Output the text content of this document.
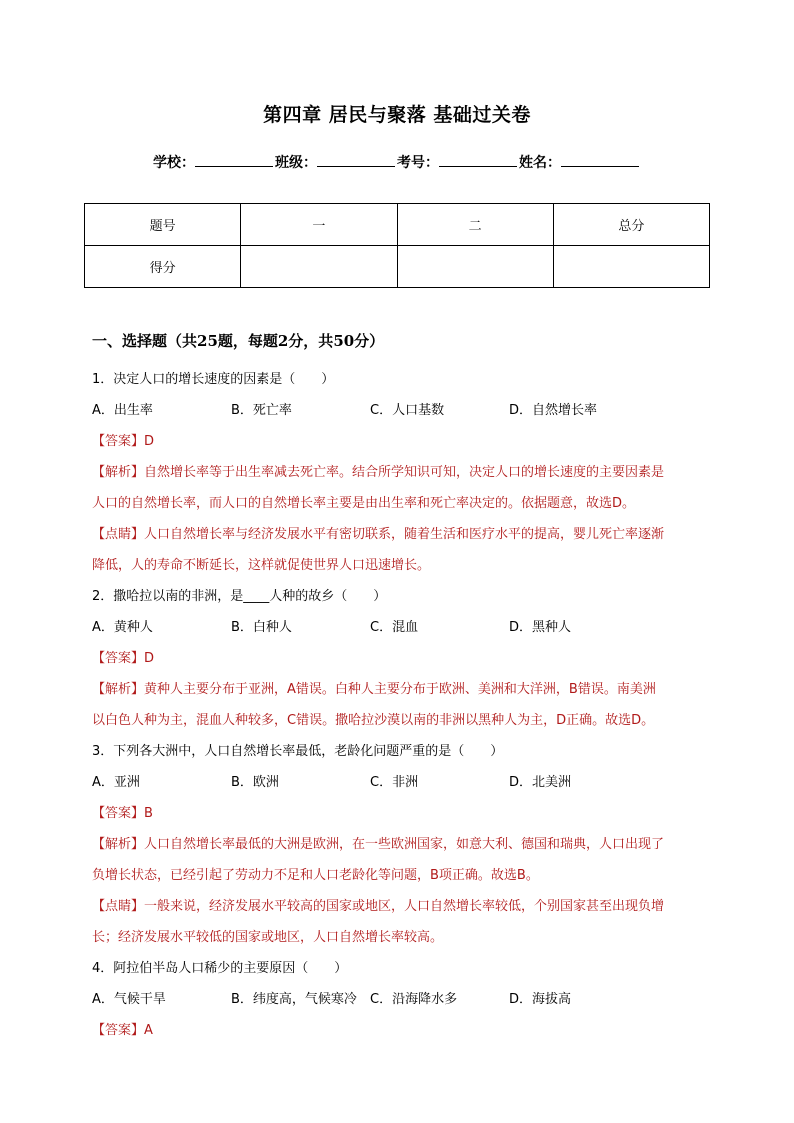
第四章 居民与聚落 基础过关卷
学校：	班级：	考号：	姓名：
题号	一	二	总分
得分			
一、选择题（共25题，每题2分，共50分）
1．决定人口的增长速度的因素是（　　）
A．出生率	B．死亡率	C．人口基数	D．自然增长率
【答案】D
【解析】自然增长率等于出生率减去死亡率。结合所学知识可知，决定人口的增长速度的主要因素是
人口的自然增长率，而人口的自然增长率主要是由出生率和死亡率决定的。依据题意，故选D。
【点睛】人口自然增长率与经济发展水平有密切联系，随着生活和医疗水平的提高，婴儿死亡率逐渐
降低，人的寿命不断延长，这样就促使世界人口迅速增长。
2．撒哈拉以南的非洲，是____人种的故乡（　　）
A．黄种人	B．白种人	C．混血	D．黑种人
【答案】D
【解析】黄种人主要分布于亚洲，A错误。白种人主要分布于欧洲、美洲和大洋洲，B错误。南美洲
以白色人种为主，混血人种较多，C错误。撒哈拉沙漠以南的非洲以黑种人为主，D正确。故选D。
3．下列各大洲中，人口自然增长率最低，老龄化问题严重的是（　　）
A．亚洲	B．欧洲	C．非洲	D．北美洲
【答案】B
【解析】人口自然增长率最低的大洲是欧洲，在一些欧洲国家，如意大利、德国和瑞典，人口出现了
负增长状态，已经引起了劳动力不足和人口老龄化等问题，B项正确。故选B。
【点睛】一般来说，经济发展水平较高的国家或地区，人口自然增长率较低，个别国家甚至出现负增
长；经济发展水平较低的国家或地区，人口自然增长率较高。
4．阿拉伯半岛人口稀少的主要原因（　　）
A．气候干旱	B．纬度高，气候寒冷	C．沿海降水多	D．海拔高
【答案】A
